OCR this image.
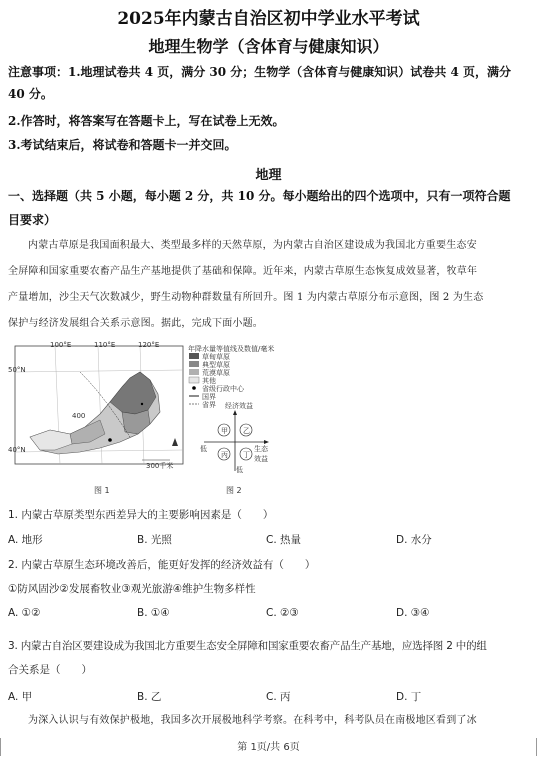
2025年内蒙古自治区初中学业水平考试
地理生物学（含体育与健康知识）
注意事项：1.地理试卷共 4 页，满分 30 分；生物学（含体育与健康知识）试卷共 4 页，满分
40 分。
2.作答时，将答案写在答题卡上，写在试卷上无效。
3.考试结束后，将试卷和答题卡一并交回。
地理
一、选择题（共 5 小题，每小题 2 分，共 10 分。每小题给出的四个选项中，只有一项符合题
目要求）
内蒙古草原是我国面积最大、类型最多样的天然草原，为内蒙古自治区建设成为我国北方重要生态安
全屏障和国家重要农畜产品生产基地提供了基础和保障。近年来，内蒙古草原生态恢复成效显著，牧草年
产量增加，沙尘天气次数减少，野生动物种群数量有所回升。图 1 为内蒙古草原分布示意图，图 2 为生态
保护与经济发展组合关系示意图。据此，完成下面小题。
100°E	110°E	120°E
50°N
40°N
400
300千米
图 1
年降水量等值线及数值/毫米
草甸草原
典型草原
荒漠草原
其他
省级行政中心
国界
省界 经济效益
低
生态效益
低
甲 乙
丙 丁
图 2
1. 内蒙古草原类型东西差异大的主要影响因素是（　　）
A. 地形	B. 光照	C. 热量	D. 水分
2. 内蒙古草原生态环境改善后，能更好发挥的经济效益有（　　）
①防风固沙②发展畜牧业③观光旅游④维护生物多样性
A. ①②	B. ①④	C. ②③	D. ③④
3. 内蒙古自治区要建设成为我国北方重要生态安全屏障和国家重要农畜产品生产基地，应选择图 2 中的组
合关系是（　　）
A. 甲	B. 乙	C. 丙	D. 丁
为深入认识与有效保护极地，我国多次开展极地科学考察。在科考中，科考队员在南极地区看到了冰
第 1页/共 6页
